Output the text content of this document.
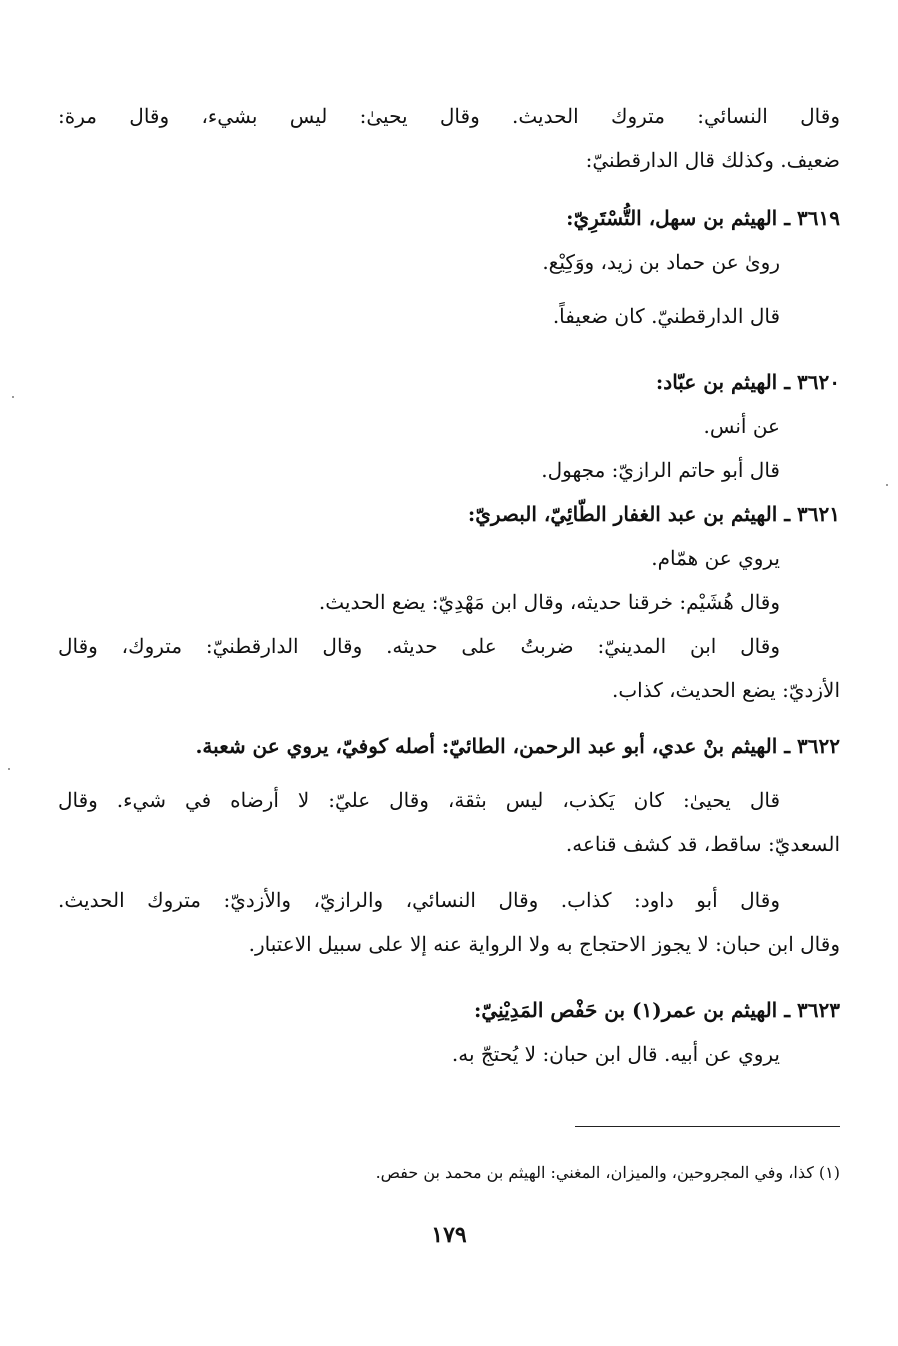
وقال النسائي: متروك الحديث. وقال يحيىٰ: ليس بشيء، وقال مرة:
ضعيف. وكذلك قال الدارقطنيّ:
٣٦١٩ ـ الهيثم بن سهل، التُّسْتَرِيّ:
رویٰ عن حماد بن زید، ووَكِيْع.
قال الدارقطنيّ. كان ضعيفاً.
٣٦٢٠ ـ الهيثم بن عبّاد:
عن أنس.
قال أبو حاتم الرازيّ: مجهول.
٣٦٢١ ـ الهيثم بن عبد الغفار الطّائِيّ، البصريّ:
يروي عن همّام.
وقال هُشَيْم: خرقنا حديثه، وقال ابن مَهْدِيّ: يضع الحديث.
وقال ابن المدينيّ: ضربتُ على حديثه. وقال الدارقطنيّ: متروك، وقال
الأزديّ: يضع الحديث، كذاب.
٣٦٢٢ ـ الهيثم بنْ عدي، أبو عبد الرحمن، الطائيّ: أصله كوفيّ، يروي عن شعبة.
قال يحيىٰ: كان يَكذب، ليس بثقة، وقال عليّ: لا أرضاه في شيء. وقال
السعديّ: ساقط، قد كشف قناعه.
وقال أبو داود: كذاب. وقال النسائي، والرازيّ، والأزديّ: متروك الحديث.
وقال ابن حبان: لا يجوز الاحتجاج به ولا الرواية عنه إلا على سبيل الاعتبار.
٣٦٢٣ ـ الهيثم بن عمر(١) بن حَفْص المَدِيْنِيّ:
يروي عن أبيه. قال ابن حبان: لا يُحتجّ به.
(١) كذا، وفي المجروحين، والميزان، المغني: الهيثم بن محمد بن حفص.
١٧٩
